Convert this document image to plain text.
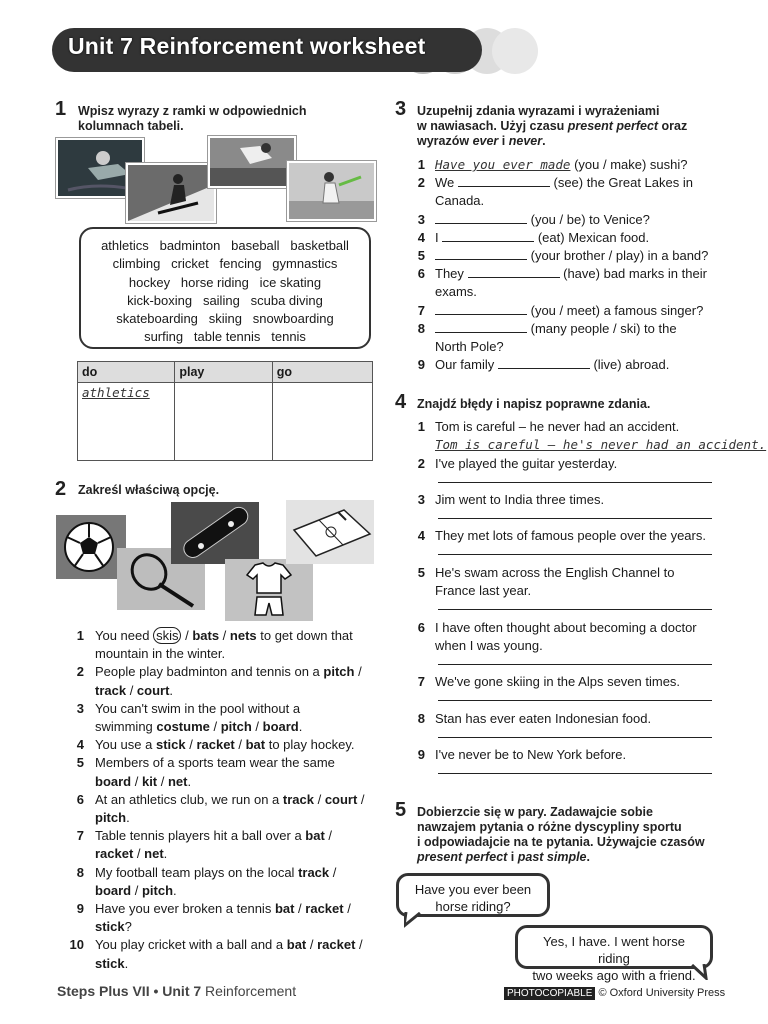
Unit 7 Reinforcement worksheet
1 Wpisz wyrazy z ramki w odpowiednich
kolumnach tabeli.
athletics   badminton   baseball   basketball
climbing   cricket   fencing   gymnastics
hockey   horse riding   ice skating
kick-boxing   sailing   scuba diving
skateboarding   skiing   snowboarding
surfing   table tennis   tennis
do	play	go
athletics		
2 Zakreśl właściwą opcję.
1 You need skis / bats / nets to get down that
mountain in the winter.
2 People play badminton and tennis on a pitch /
track / court.
3 You can't swim in the pool without a
swimming costume / pitch / board.
4 You use a stick / racket / bat to play hockey.
5 Members of a sports team wear the same
board / kit / net.
6 At an athletics club, we run on a track / court /
pitch.
7 Table tennis players hit a ball over a bat /
racket / net.
8 My football team plays on the local track /
board / pitch.
9 Have you ever broken a tennis bat / racket /
stick?
10 You play cricket with a ball and a bat / racket /
stick.
3 Uzupełnij zdania wyrazami i wyrażeniami
w nawiasach. Użyj czasu present perfect oraz
wyrazów ever i never.
1 Have you ever made (you / make) sushi?
2 We	(see) the Great Lakes in
Canada.
3	(you / be) to Venice?
4 I	(eat) Mexican food.
5	(your brother / play) in a band?
6 They	(have) bad marks in their
exams.
7	(you / meet) a famous singer?
8	(many people / ski) to the
North Pole?
9 Our family	(live) abroad.
4 Znajdź błędy i napisz poprawne zdania.
1 Tom is careful – he never had an accident.
Tom is careful – he's never had an accident.
2 I've played the guitar yesterday.
3 Jim went to India three times.
4 They met lots of famous people over the years.
5 He's swam across the English Channel to
France last year.
6 I have often thought about becoming a doctor
when I was young.
7 We've gone skiing in the Alps seven times.
8 Stan has ever eaten Indonesian food.
9 I've never be to New York before.
5 Dobierzcie się w pary. Zadawajcie sobie
nawzajem pytania o różne dyscypliny sportu
i odpowiadajcie na te pytania. Używajcie czasów
present perfect i past simple.
Have you ever been
horse riding?
Yes, I have. I went horse riding
two weeks ago with a friend.
Steps Plus VII • Unit 7 Reinforcement	PHOTOCOPIABLE © Oxford University Press
